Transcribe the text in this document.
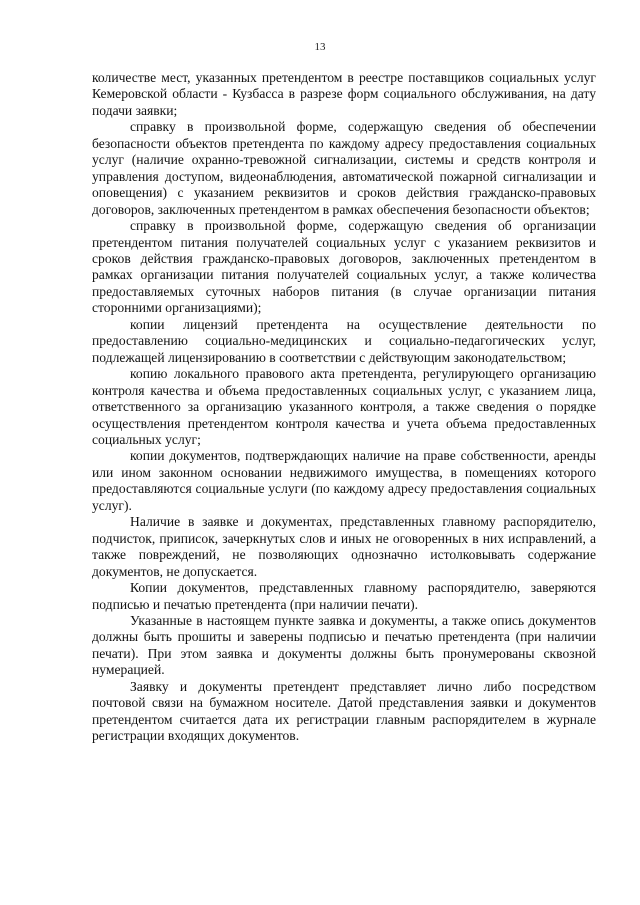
13

количестве мест, указанных претендентом в реестре поставщиков социальных услуг Кемеровской области - Кузбасса в разрезе форм социального обслуживания, на дату подачи заявки;

справку в произвольной форме, содержащую сведения об обеспечении безопасности объектов претендента по каждому адресу предоставления социальных услуг (наличие охранно-тревожной сигнализации, системы и средств контроля и управления доступом, видеонаблюдения, автоматической пожарной сигнализации и оповещения) с указанием реквизитов и сроков действия гражданско-правовых договоров, заключенных претендентом в рамках обеспечения безопасности объектов;

справку в произвольной форме, содержащую сведения об организации претендентом питания получателей социальных услуг с указанием реквизитов и сроков действия гражданско-правовых договоров, заключенных претендентом в рамках организации питания получателей социальных услуг, а также количества предоставляемых суточных наборов питания (в случае организации питания сторонними организациями);

копии лицензий претендента на осуществление деятельности по предоставлению социально-медицинских и социально-педагогических услуг, подлежащей лицензированию в соответствии с действующим законодательством;

копию локального правового акта претендента, регулирующего организацию контроля качества и объема предоставленных социальных услуг, с указанием лица, ответственного за организацию указанного контроля, а также сведения о порядке осуществления претендентом контроля качества и учета объема предоставленных социальных услуг;

копии документов, подтверждающих наличие на праве собственности, аренды или ином законном основании недвижимого имущества, в помещениях которого предоставляются социальные услуги (по каждому адресу предоставления социальных услуг).

Наличие в заявке и документах, представленных главному распорядителю, подчисток, приписок, зачеркнутых слов и иных не оговоренных в них исправлений, а также повреждений, не позволяющих однозначно истолковывать содержание документов, не допускается.

Копии документов, представленных главному распорядителю, заверяются подписью и печатью претендента (при наличии печати).

Указанные в настоящем пункте заявка и документы, а также опись документов должны быть прошиты и заверены подписью и печатью претендента (при наличии печати). При этом заявка и документы должны быть пронумерованы сквозной нумерацией.

Заявку и документы претендент представляет лично либо посредством почтовой связи на бумажном носителе. Датой представления заявки и документов претендентом считается дата их регистрации главным распорядителем в журнале регистрации входящих документов.
